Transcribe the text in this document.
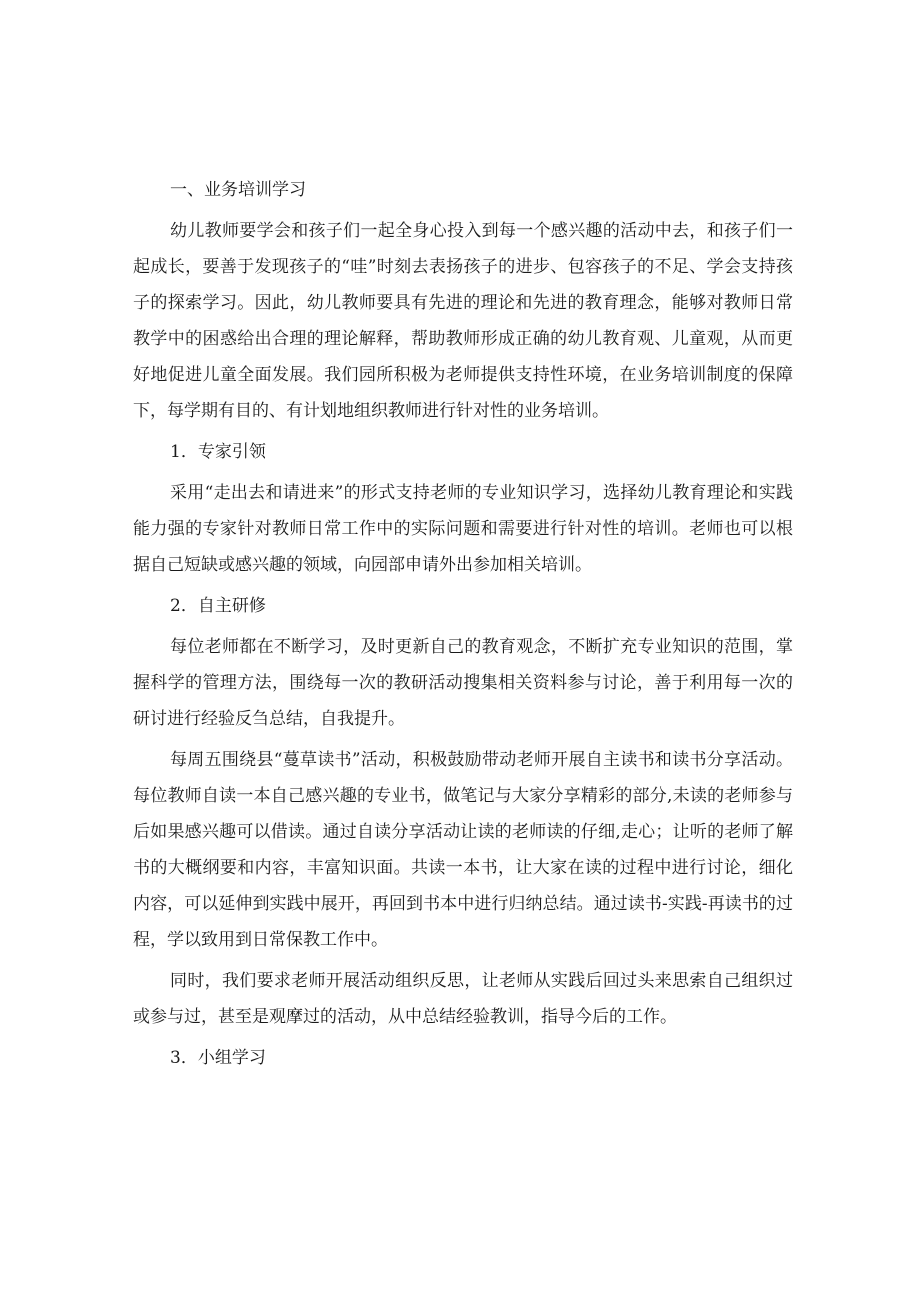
一、业务培训学习

幼儿教师要学会和孩子们一起全身心投入到每一个感兴趣的活动中去，和孩子们一起成长，要善于发现孩子的“哇”时刻去表扬孩子的进步、包容孩子的不足、学会支持孩子的探索学习。因此，幼儿教师要具有先进的理论和先进的教育理念，能够对教师日常教学中的困惑给出合理的理论解释，帮助教师形成正确的幼儿教育观、儿童观，从而更好地促进儿童全面发展。我们园所积极为老师提供支持性环境，在业务培训制度的保障下，每学期有目的、有计划地组织教师进行针对性的业务培训。

1．专家引领

采用“走出去和请进来”的形式支持老师的专业知识学习，选择幼儿教育理论和实践能力强的专家针对教师日常工作中的实际问题和需要进行针对性的培训。老师也可以根据自己短缺或感兴趣的领域，向园部申请外出参加相关培训。

2．自主研修

每位老师都在不断学习，及时更新自己的教育观念，不断扩充专业知识的范围，掌握科学的管理方法，围绕每一次的教研活动搜集相关资料参与讨论，善于利用每一次的研讨进行经验反刍总结，自我提升。

每周五围绕县“蔓草读书”活动，积极鼓励带动老师开展自主读书和读书分享活动。每位教师自读一本自己感兴趣的专业书，做笔记与大家分享精彩的部分,未读的老师参与后如果感兴趣可以借读。通过自读分享活动让读的老师读的仔细,走心；让听的老师了解书的大概纲要和内容，丰富知识面。共读一本书，让大家在读的过程中进行讨论，细化内容，可以延伸到实践中展开，再回到书本中进行归纳总结。通过读书-实践-再读书的过程，学以致用到日常保教工作中。

同时，我们要求老师开展活动组织反思，让老师从实践后回过头来思索自己组织过或参与过，甚至是观摩过的活动，从中总结经验教训，指导今后的工作。

3．小组学习
